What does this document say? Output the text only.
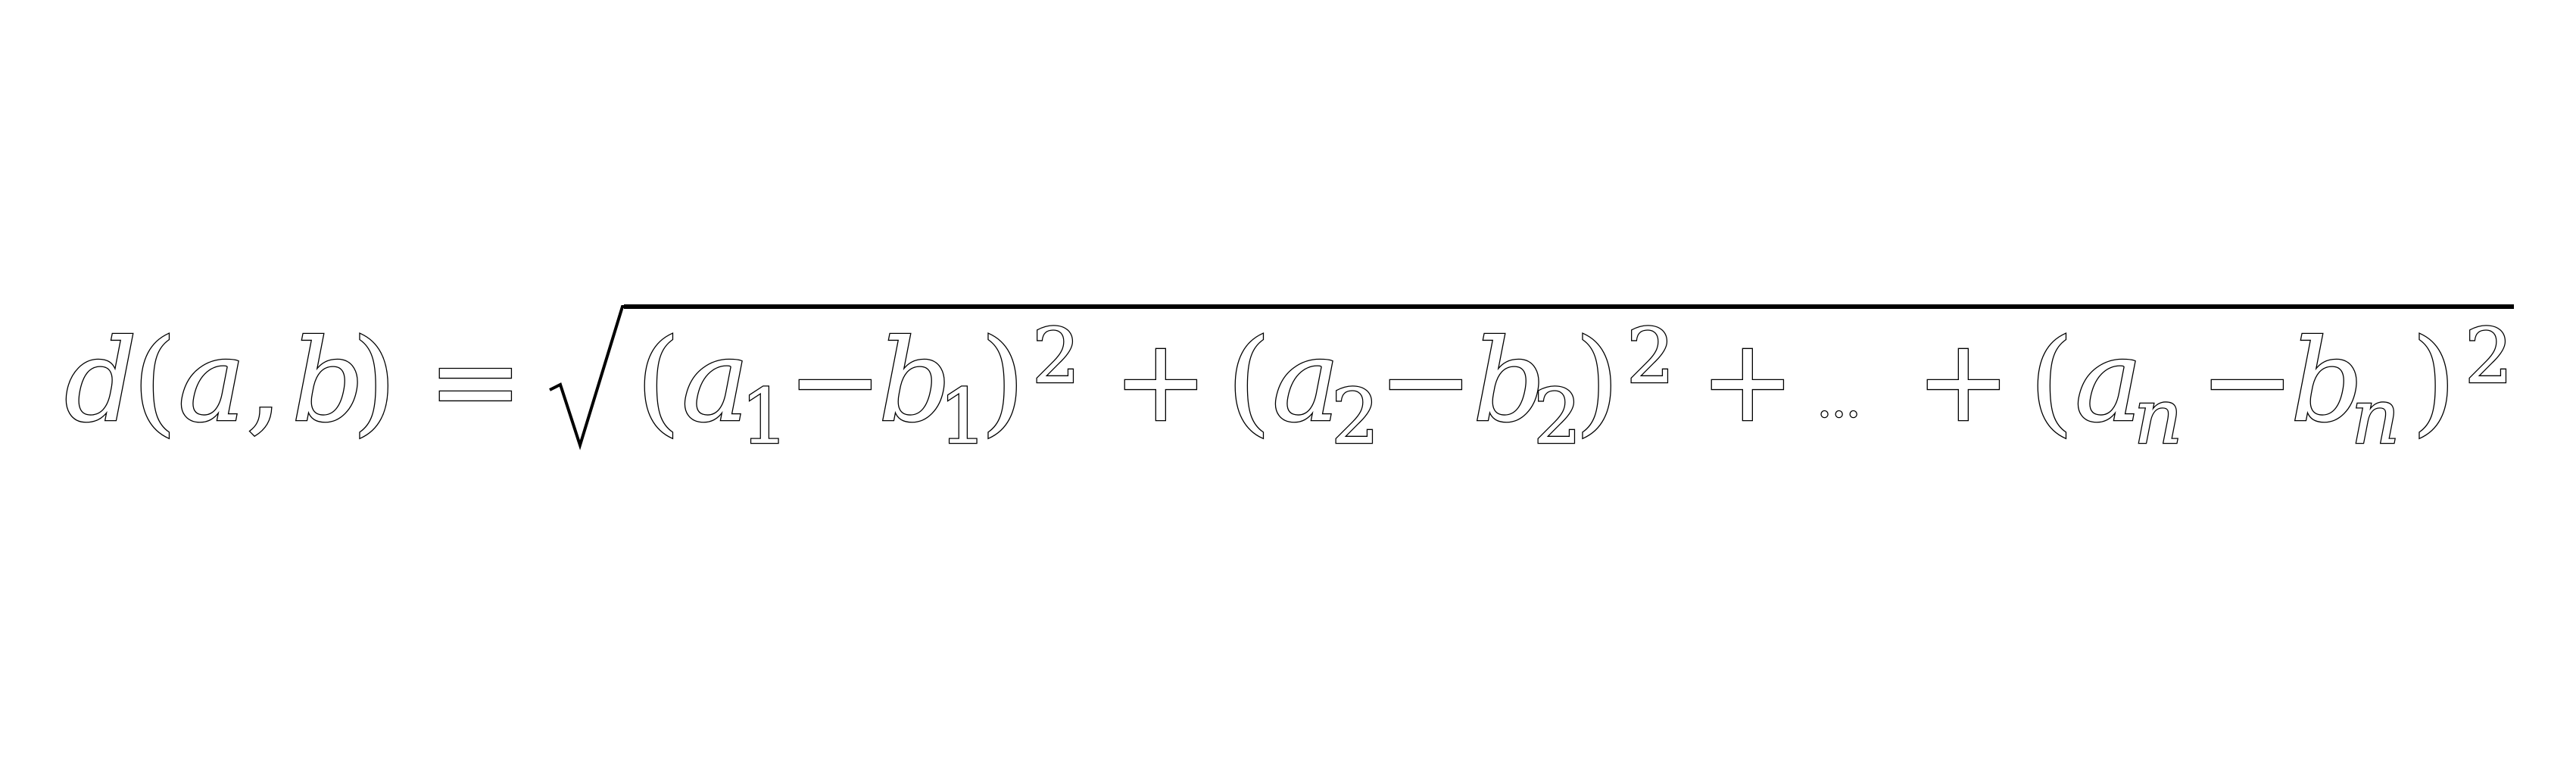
d
( a , b
) = ( a
1
−
b
1
) 2 + ( a
2
− b
2
) 2 + ... + ( a
n −
b
n ) 2
